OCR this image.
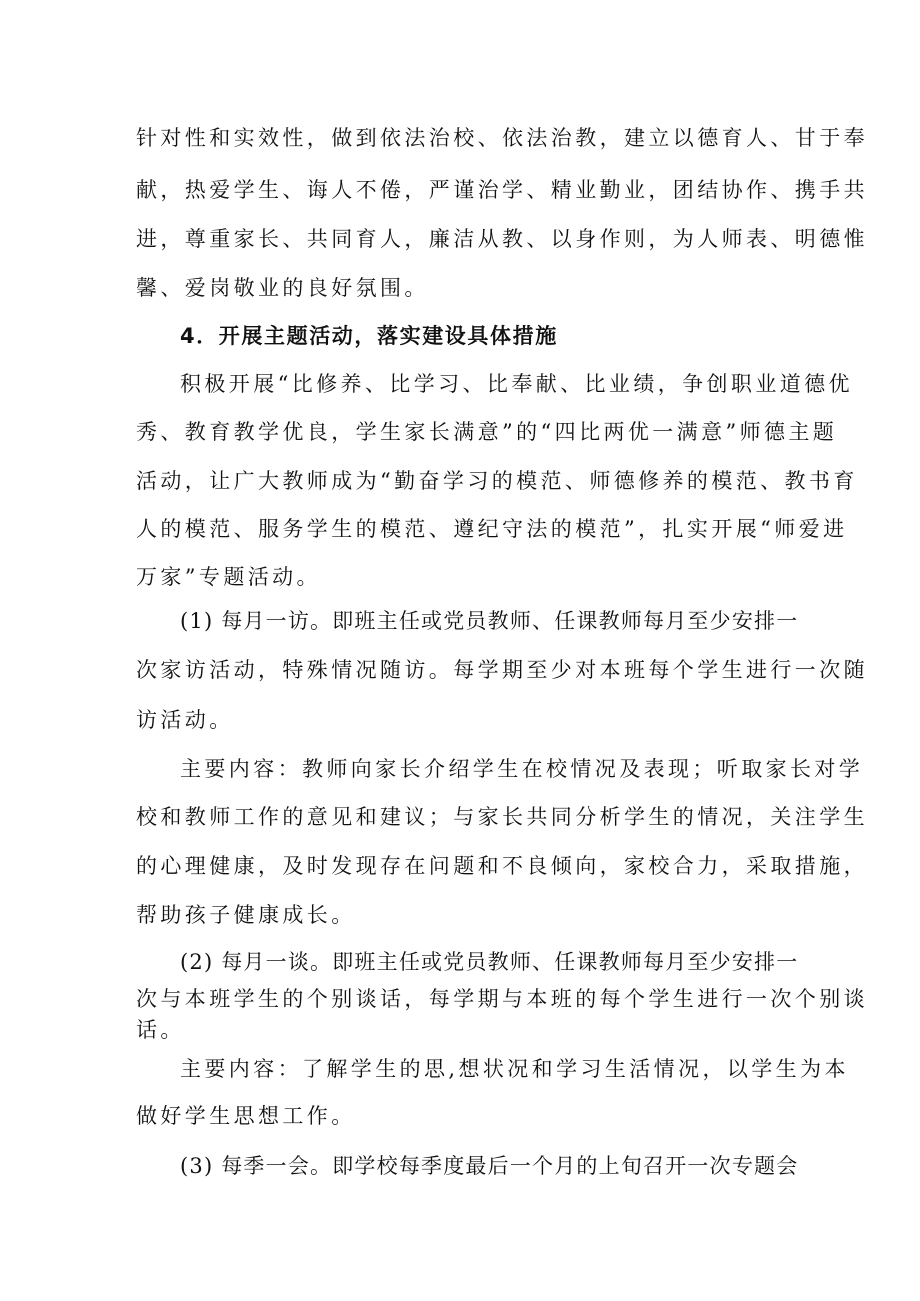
针对性和实效性，做到依法治校、依法治教，建立以德育人、甘于奉
献，热爱学生、诲人不倦，严谨治学、精业勤业，团结协作、携手共
进，尊重家长、共同育人，廉洁从教、以身作则，为人师表、明德惟
馨、爱岗敬业的良好氛围。
4．开展主题活动，落实建设具体措施
积极开展“比修养、比学习、比奉献、比业绩，争创职业道德优
秀、教育教学优良，学生家长满意”的“四比两优一满意”师德主题
活动，让广大教师成为“勤奋学习的模范、师德修养的模范、教书育
人的模范、服务学生的模范、遵纪守法的模范”，扎实开展“师爱进
万家”专题活动。
(1) 每月一访。即班主任或党员教师、任课教师每月至少安排一
次家访活动，特殊情况随访。每学期至少对本班每个学生进行一次随
访活动。
主要内容：教师向家长介绍学生在校情况及表现；听取家长对学
校和教师工作的意见和建议；与家长共同分析学生的情况，关注学生
的心理健康，及时发现存在问题和不良倾向，家校合力，采取措施，
帮助孩子健康成长。
(2) 每月一谈。即班主任或党员教师、任课教师每月至少安排一
次与本班学生的个别谈话，每学期与本班的每个学生进行一次个别谈
话。
主要内容：了解学生的思,想状况和学习生活情况，以学生为本
做好学生思想工作。
(3) 每季一会。即学校每季度最后一个月的上旬召开一次专题会
